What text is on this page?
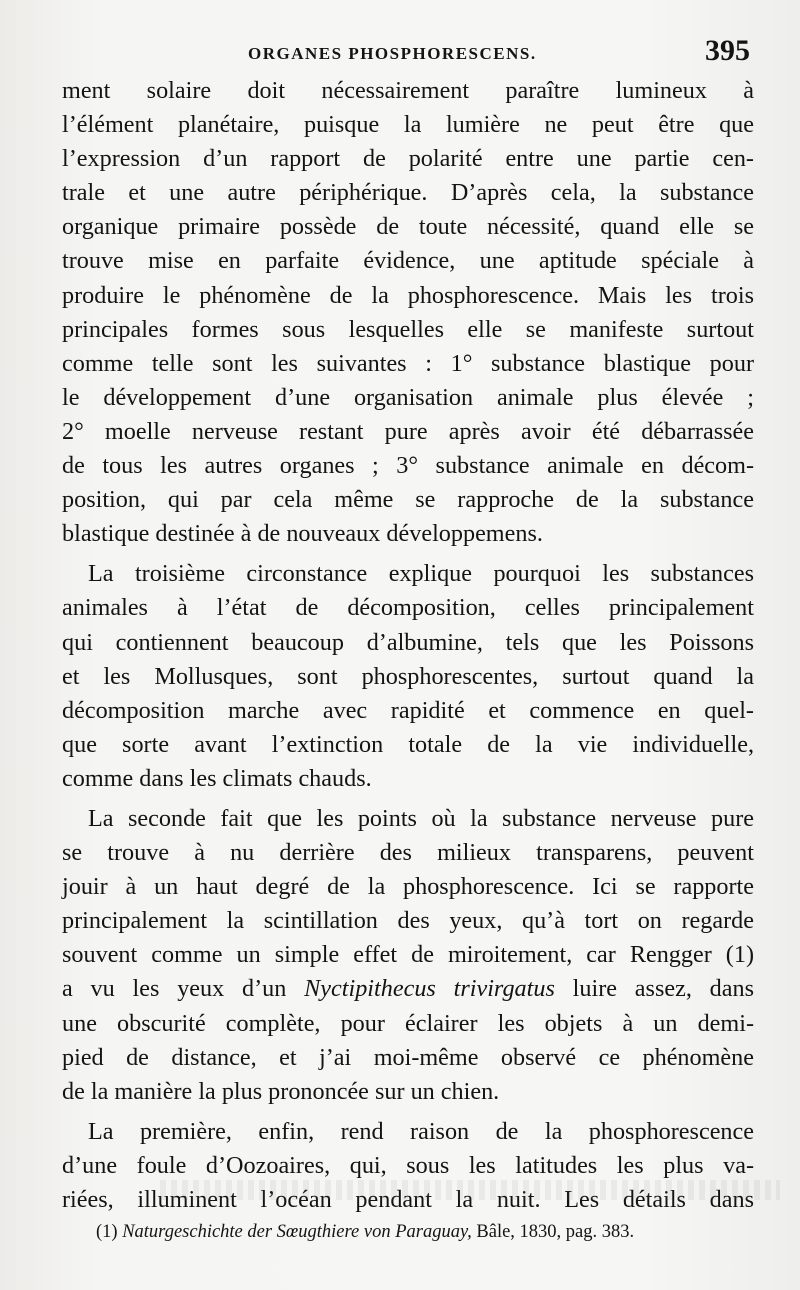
ORGANES PHOSPHORESCENS.	395
ment solaire doit nécessairement paraître lumineux à
l’élément planétaire, puisque la lumière ne peut être que
l’expression d’un rapport de polarité entre une partie cen-
trale et une autre périphérique. D’après cela, la substance
organique primaire possède de toute nécessité, quand elle se
trouve mise en parfaite évidence, une aptitude spéciale à
produire le phénomène de la phosphorescence. Mais les trois
principales formes sous lesquelles elle se manifeste surtout
comme telle sont les suivantes : 1° substance blastique pour
le développement d’une organisation animale plus élevée ;
2° moelle nerveuse restant pure après avoir été débarrassée
de tous les autres organes ; 3° substance animale en décom-
position, qui par cela même se rapproche de la substance
blastique destinée à de nouveaux développemens.
La troisième circonstance explique pourquoi les substances
animales à l’état de décomposition, celles principalement
qui contiennent beaucoup d’albumine, tels que les Poissons
et les Mollusques, sont phosphorescentes, surtout quand la
décomposition marche avec rapidité et commence en quel-
que sorte avant l’extinction totale de la vie individuelle,
comme dans les climats chauds.
La seconde fait que les points où la substance nerveuse pure
se trouve à nu derrière des milieux transparens, peuvent
jouir à un haut degré de la phosphorescence. Ici se rapporte
principalement la scintillation des yeux, qu’à tort on regarde
souvent comme un simple effet de miroitement, car Rengger (1)
a vu les yeux d’un Nyctipithecus trivirgatus luire assez, dans
une obscurité complète, pour éclairer les objets à un demi-
pied de distance, et j’ai moi-même observé ce phénomène
de la manière la plus prononcée sur un chien.
La première, enfin, rend raison de la phosphorescence
d’une foule d’Oozoaires, qui, sous les latitudes les plus va-
riées, illuminent l’océan pendant la nuit. Les détails dans
(1) Naturgeschichte der Sœugthiere von Paraguay, Bâle, 1830, pag. 383.
